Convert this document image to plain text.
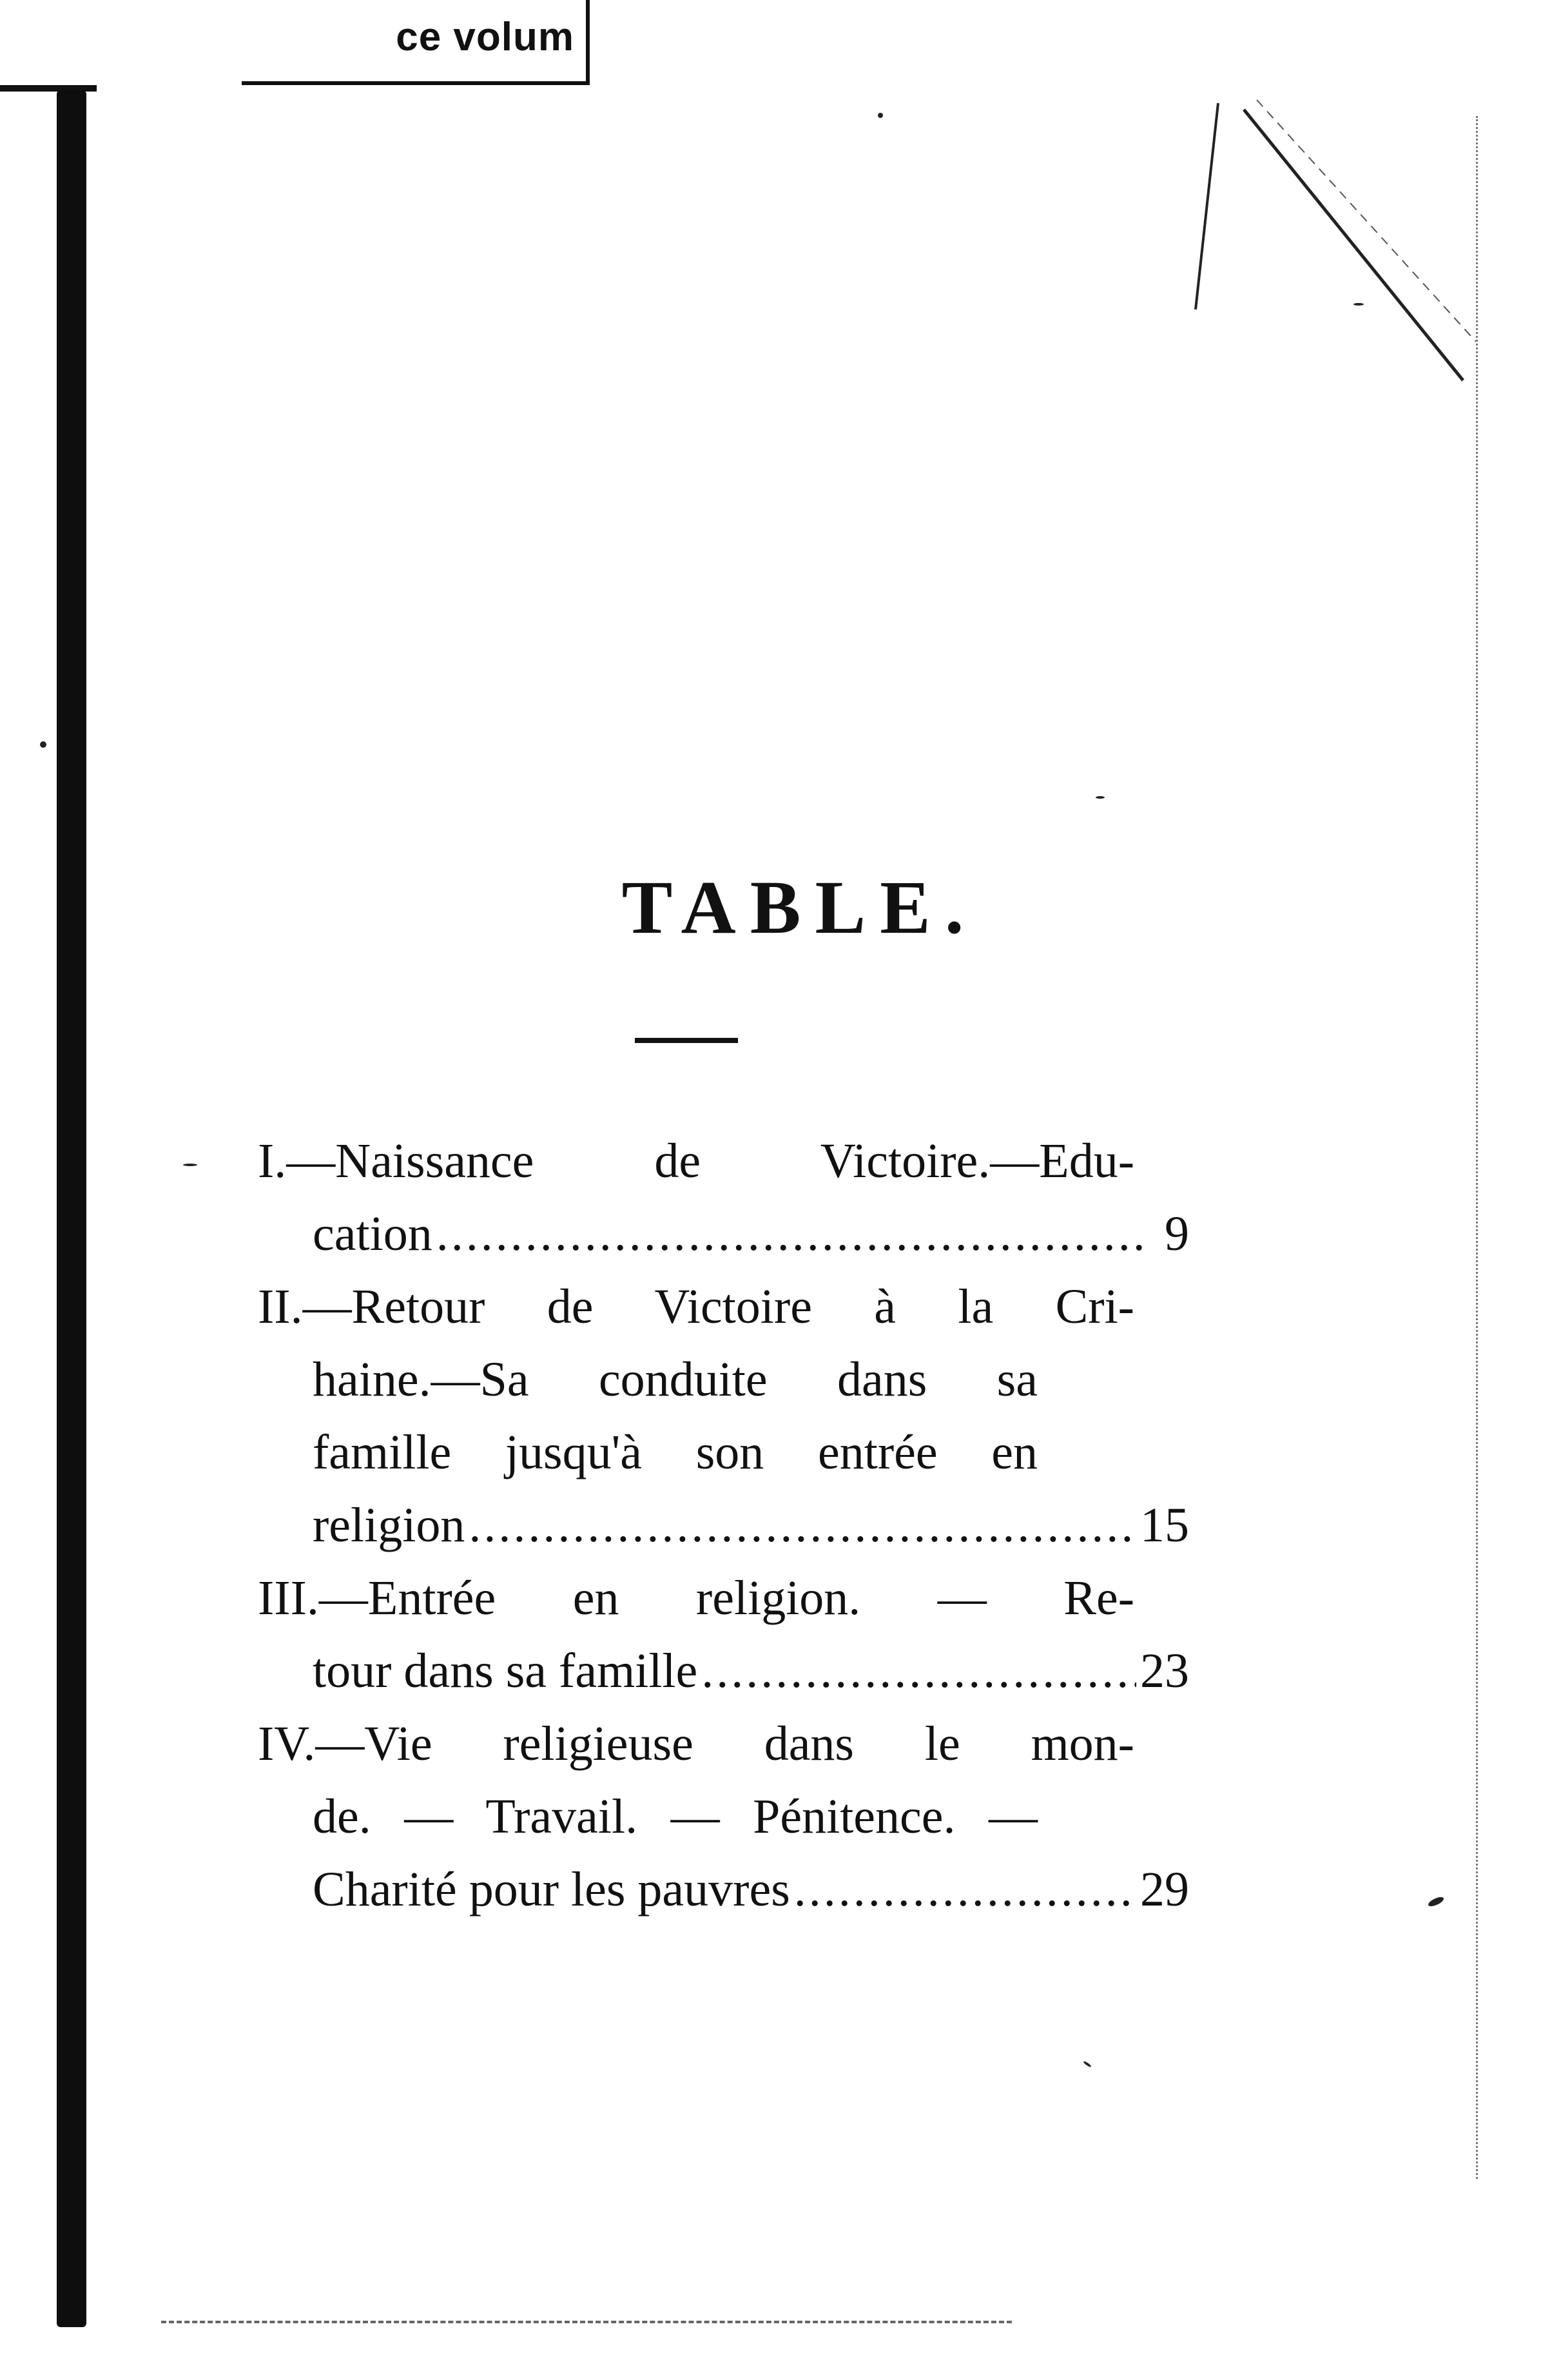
ce volum
TABLE.
I.—Naissance de Victoire.—Edu-
cation .....	9
II.—Retour de Victoire à la Cri-
haine.—Sa conduite dans sa
famille jusqu'à son entrée en
religion .....	15
III.—Entrée en religion. — Re-
tour dans sa famille .....	23
IV.—Vie religieuse dans le mon-
de. — Travail. — Pénitence. —
Charité pour les pauvres .....	29
